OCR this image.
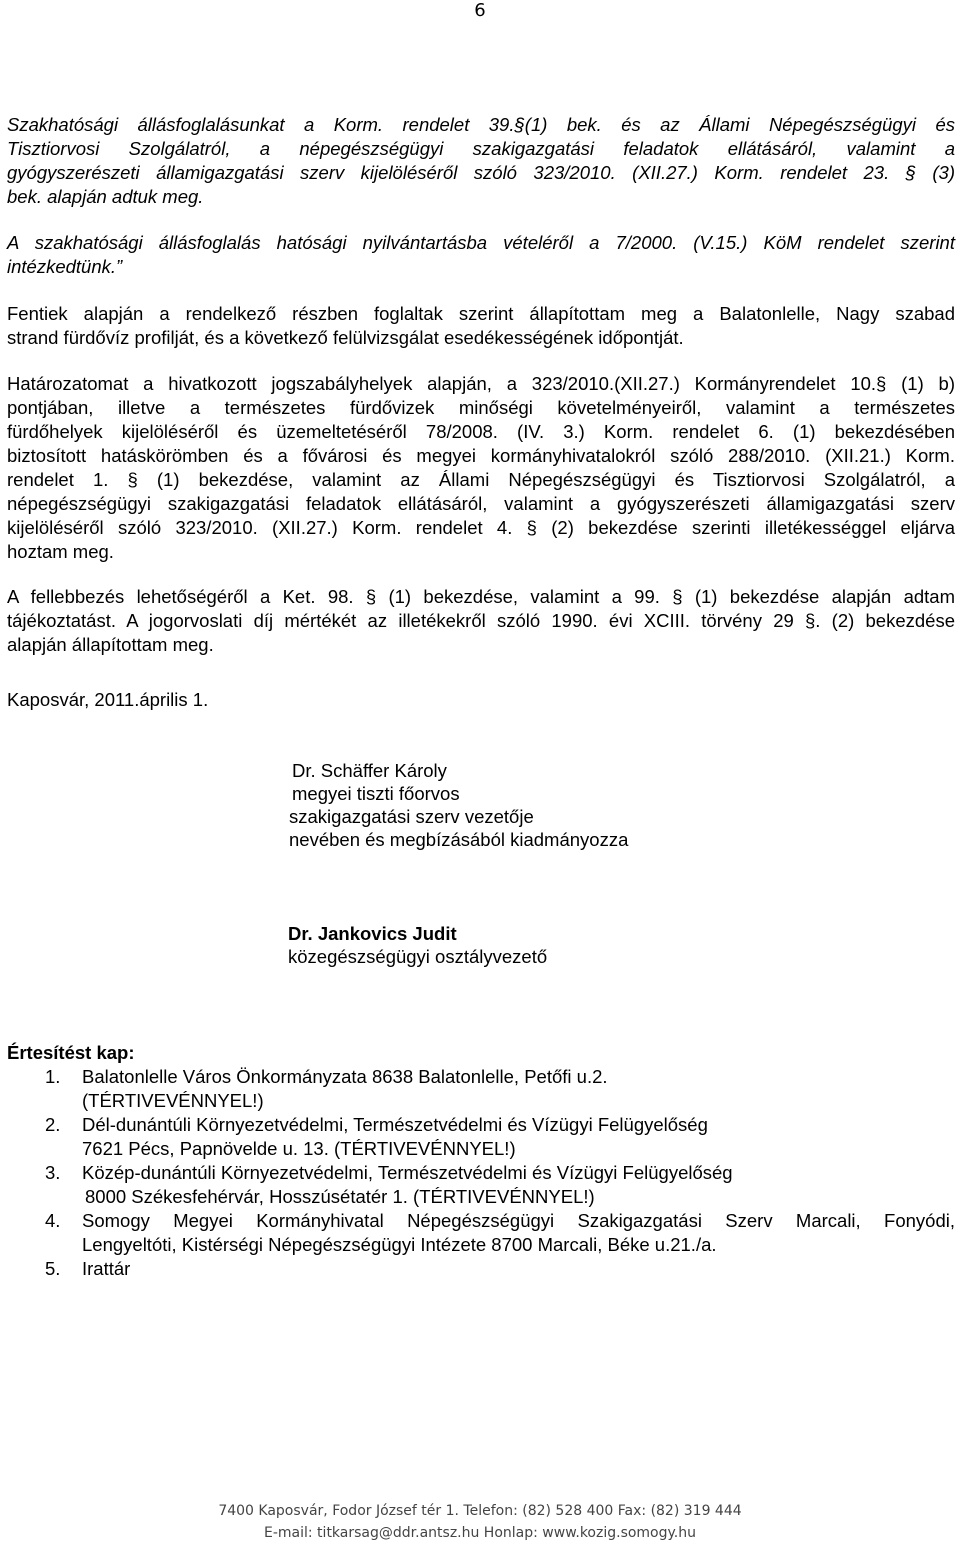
6
Szakhatósági állásfoglalásunkat a Korm. rendelet 39.§(1) bek. és az Állami Népegészségügyi és
Tisztiorvosi Szolgálatról, a népegészségügyi szakigazgatási feladatok ellátásáról, valamint a
gyógyszerészeti államigazgatási szerv kijelöléséről szóló 323/2010. (XII.27.) Korm. rendelet 23. § (3)
bek. alapján adtuk meg.
A szakhatósági állásfoglalás hatósági nyilvántartásba vételéről a 7/2000. (V.15.) KöM rendelet szerint
intézkedtünk.”
Fentiek alapján a rendelkező részben foglaltak szerint állapítottam meg a Balatonlelle, Nagy szabad
strand fürdővíz profilját, és a következő felülvizsgálat esedékességének időpontját.
Határozatomat a hivatkozott jogszabályhelyek alapján, a 323/2010.(XII.27.) Kormányrendelet 10.§ (1) b)
pontjában, illetve a természetes fürdővizek minőségi követelményeiről, valamint a természetes
fürdőhelyek kijelöléséről és üzemeltetéséről 78/2008. (IV. 3.) Korm. rendelet 6. (1) bekezdésében
biztosított hatáskörömben és a fővárosi és megyei kormányhivatalokról szóló 288/2010. (XII.21.) Korm.
rendelet 1. § (1) bekezdése, valamint az Állami Népegészségügyi és Tisztiorvosi Szolgálatról, a
népegészségügyi szakigazgatási feladatok ellátásáról, valamint a gyógyszerészeti államigazgatási szerv
kijelöléséről szóló 323/2010. (XII.27.) Korm. rendelet 4. § (2) bekezdése szerinti illetékességgel eljárva
hoztam meg.
A fellebbezés lehetőségéről a Ket. 98. § (1) bekezdése, valamint a 99. § (1) bekezdése alapján adtam
tájékoztatást. A jogorvoslati díj mértékét az illetékekről szóló 1990. évi XCIII. törvény 29 §. (2) bekezdése
alapján állapítottam meg.
Kaposvár, 2011.április 1.
Dr. Schäffer Károly
megyei tiszti főorvos
szakigazgatási szerv vezetője
nevében és megbízásából kiadmányozza
Dr. Jankovics Judit
közegészségügyi osztályvezető
Értesítést kap:
1.	Balatonlelle Város Önkormányzata 8638 Balatonlelle, Petőfi u.2.
(TÉRTIVEVÉNNYEL!)
2.	Dél-dunántúli Környezetvédelmi, Természetvédelmi és Vízügyi Felügyelőség
7621 Pécs, Papnövelde u. 13. (TÉRTIVEVÉNNYEL!)
3.	Közép-dunántúli Környezetvédelmi, Természetvédelmi és Vízügyi Felügyelőség
8000 Székesfehérvár, Hosszúsétatér 1. (TÉRTIVEVÉNNYEL!)
4.	Somogy Megyei Kormányhivatal Népegészségügyi Szakigazgatási Szerv Marcali, Fonyódi,
Lengyeltóti, Kistérségi Népegészségügyi Intézete 8700 Marcali, Béke u.21./a.
5.	Irattár
7400 Kaposvár, Fodor József tér 1. Telefon: (82) 528 400 Fax: (82) 319 444
E-mail: titkarsag@ddr.antsz.hu Honlap: www.kozig.somogy.hu
